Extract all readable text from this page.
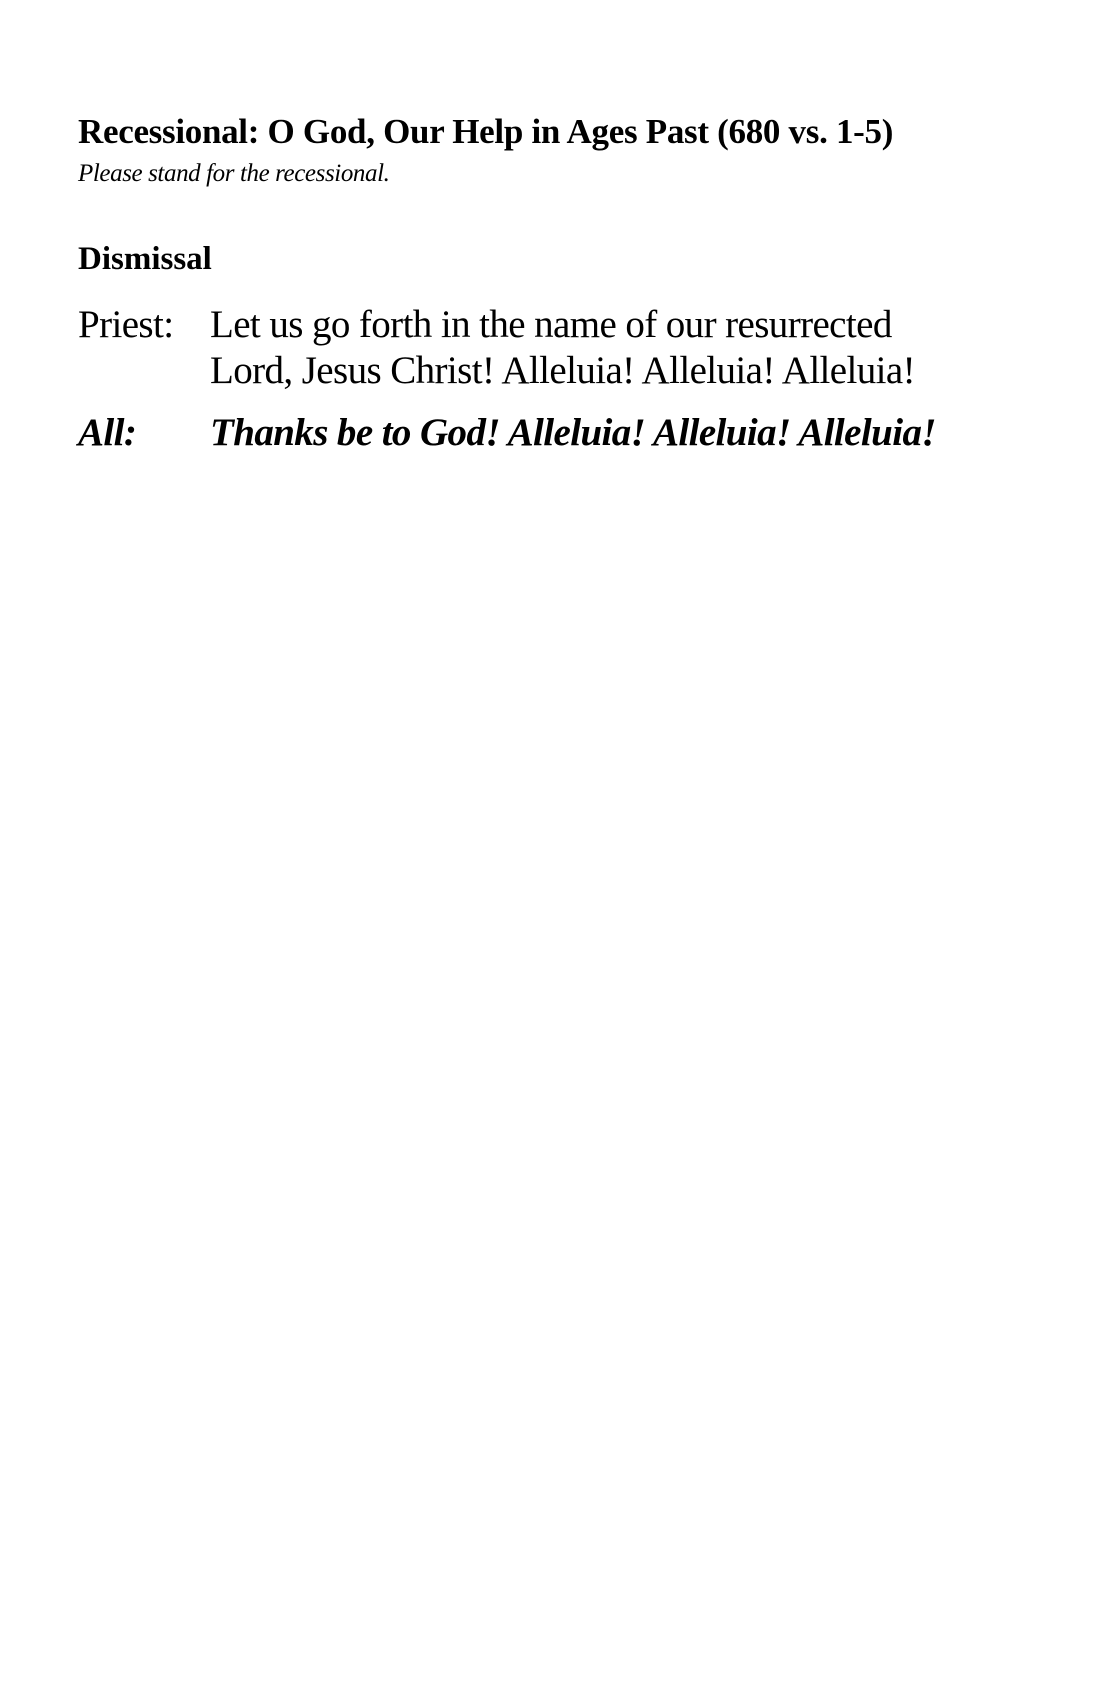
Recessional: O God, Our Help in Ages Past (680 vs. 1-5)

Please stand for the recessional.

Dismissal
Priest: Let us go forth in the name of our resurrected
Lord, Jesus Christ! Alleluia! Alleluia! Alleluia!
All:	Thanks be to God! Alleluia! Alleluia! Alleluia!
